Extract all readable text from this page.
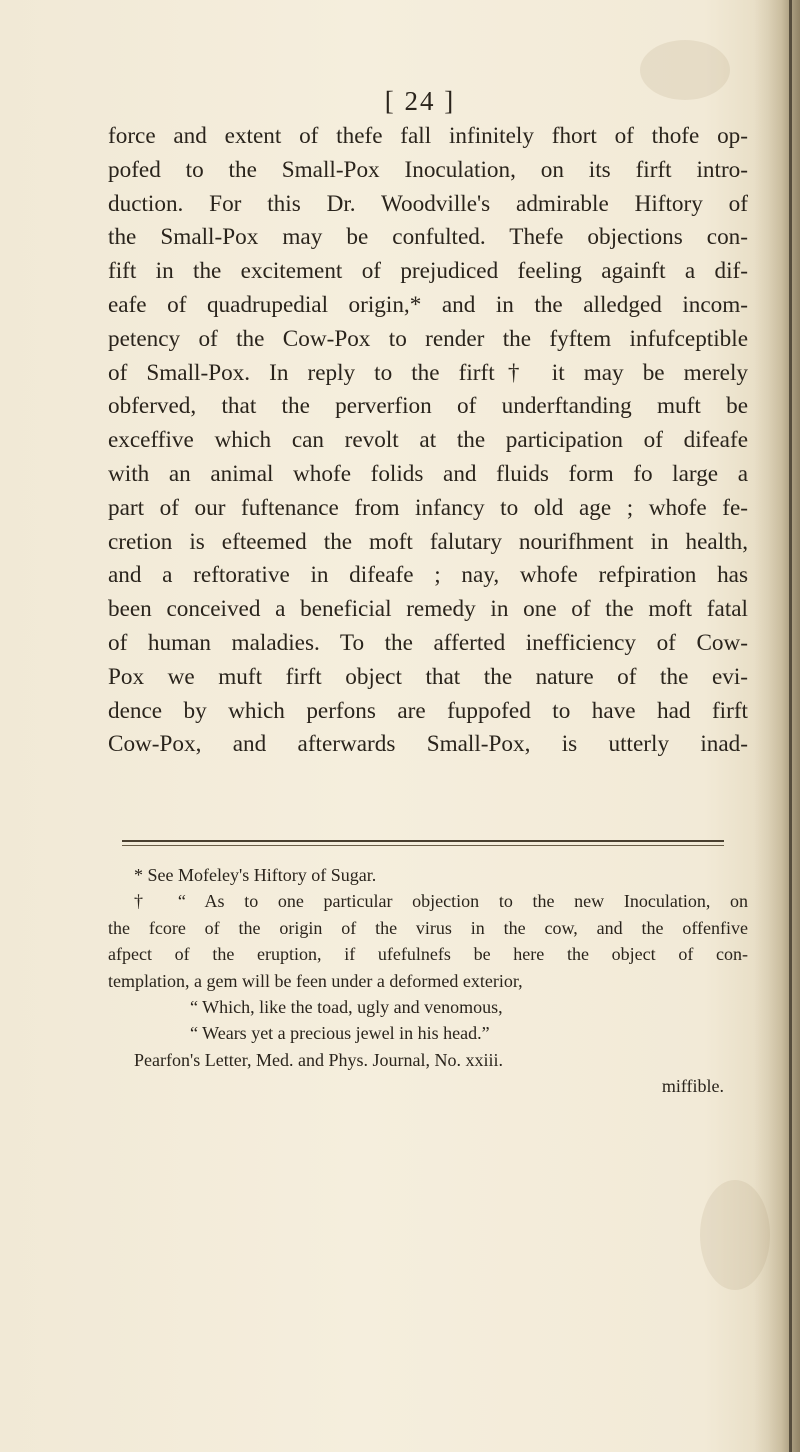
[ 24 ]
force and extent of thefe fall infinitely fhort of thofe op-
pofed to the Small-Pox Inoculation, on its firft intro-
duction. For this Dr. Woodville's admirable Hiftory of
the Small-Pox may be confulted. Thefe objections con-
fift in the excitement of prejudiced feeling againft a dif-
eafe of quadrupedial origin,* and in the alledged incom-
petency of the Cow-Pox to render the fyftem infufceptible
of Small-Pox. In reply to the firft† it may be merely
obferved, that the perverfion of underftanding muft be
exceffive which can revolt at the participation of difeafe
with an animal whofe folids and fluids form fo large a
part of our fuftenance from infancy to old age ; whofe fe-
cretion is efteemed the moft falutary nourifhment in health,
and a reftorative in difeafe ; nay, whofe refpiration has
been conceived a beneficial remedy in one of the moft fatal
of human maladies. To the afferted inefficiency of Cow-
Pox we muft firft object that the nature of the evi-
dence by which perfons are fuppofed to have had firft
Cow-Pox, and afterwards Small-Pox, is utterly inad-
* See Mofeley's Hiftory of Sugar.
† “ As to one particular objection to the new Inoculation, on
the fcore of the origin of the virus in the cow, and the offenfive
afpect of the eruption, if ufefulnefs be here the object of con-
templation, a gem will be feen under a deformed exterior,
“ Which, like the toad, ugly and venomous,
“ Wears yet a precious jewel in his head.”
Pearfon's Letter, Med. and Phys. Journal, No. xxiii.
miffible.
